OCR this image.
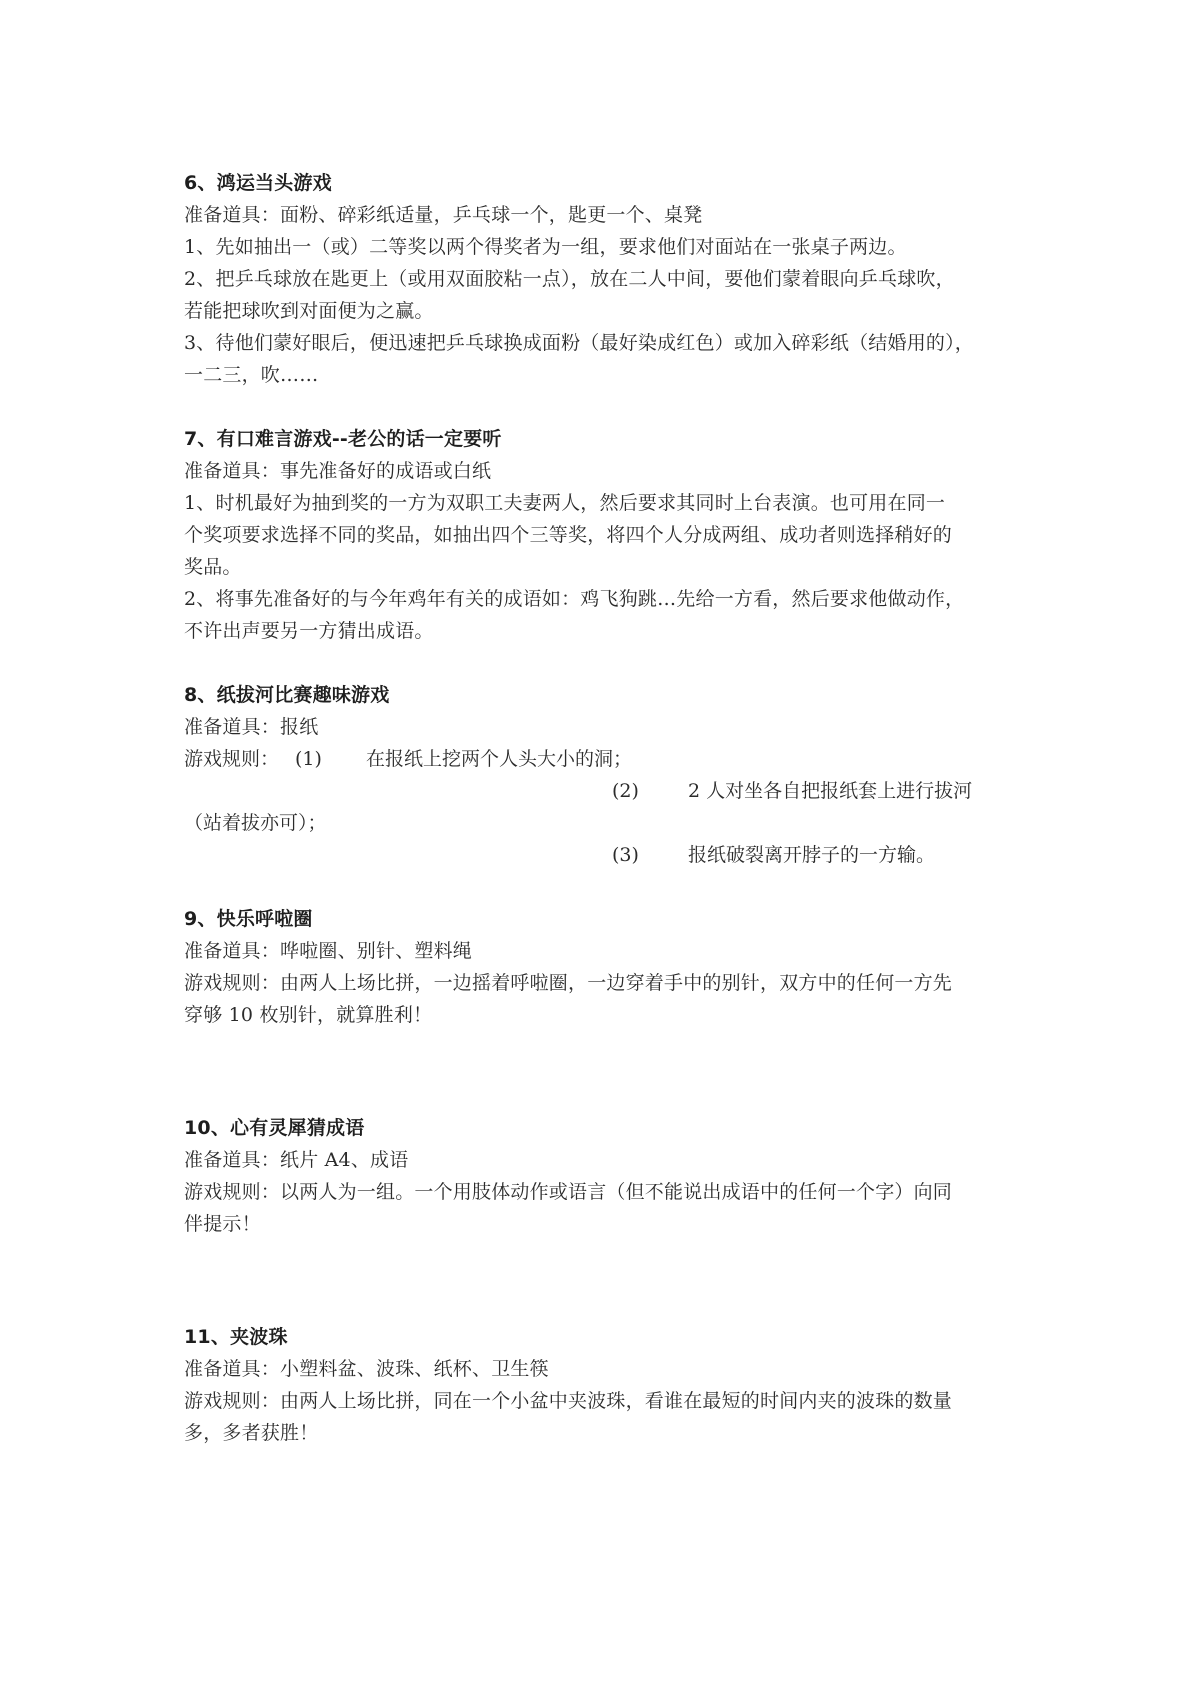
6、鸿运当头游戏
准备道具：面粉、碎彩纸适量，乒乓球一个，匙更一个、桌凳
1、先如抽出一（或）二等奖以两个得奖者为一组，要求他们对面站在一张桌子两边。
2、把乒乓球放在匙更上（或用双面胶粘一点），放在二人中间，要他们蒙着眼向乒乓球吹，
若能把球吹到对面便为之赢。
3、待他们蒙好眼后，便迅速把乒乓球换成面粉（最好染成红色）或加入碎彩纸（结婚用的），
一二三，吹……
7、有口难言游戏--老公的话一定要听
准备道具：事先准备好的成语或白纸
1、时机最好为抽到奖的一方为双职工夫妻两人，然后要求其同时上台表演。也可用在同一
个奖项要求选择不同的奖品，如抽出四个三等奖，将四个人分成两组、成功者则选择稍好的
奖品。
2、将事先准备好的与今年鸡年有关的成语如：鸡飞狗跳…先给一方看，然后要求他做动作，
不许出声要另一方猜出成语。
8、纸拔河比赛趣味游戏
准备道具：报纸
游戏规则： (1) 在报纸上挖两个人头大小的洞；
(2)	2 人对坐各自把报纸套上进行拔河
（站着拔亦可）；
(3)	报纸破裂离开脖子的一方输。
9、快乐呼啦圈
准备道具：哗啦圈、别针、塑料绳
游戏规则：由两人上场比拼，一边摇着呼啦圈，一边穿着手中的别针，双方中的任何一方先
穿够 10 枚别针，就算胜利！
10、心有灵犀猜成语
准备道具：纸片 A4、成语
游戏规则：以两人为一组。一个用肢体动作或语言（但不能说出成语中的任何一个字）向同
伴提示！
11、夹波珠
准备道具：小塑料盆、波珠、纸杯、卫生筷
游戏规则：由两人上场比拼，同在一个小盆中夹波珠，看谁在最短的时间内夹的波珠的数量
多，多者获胜！
